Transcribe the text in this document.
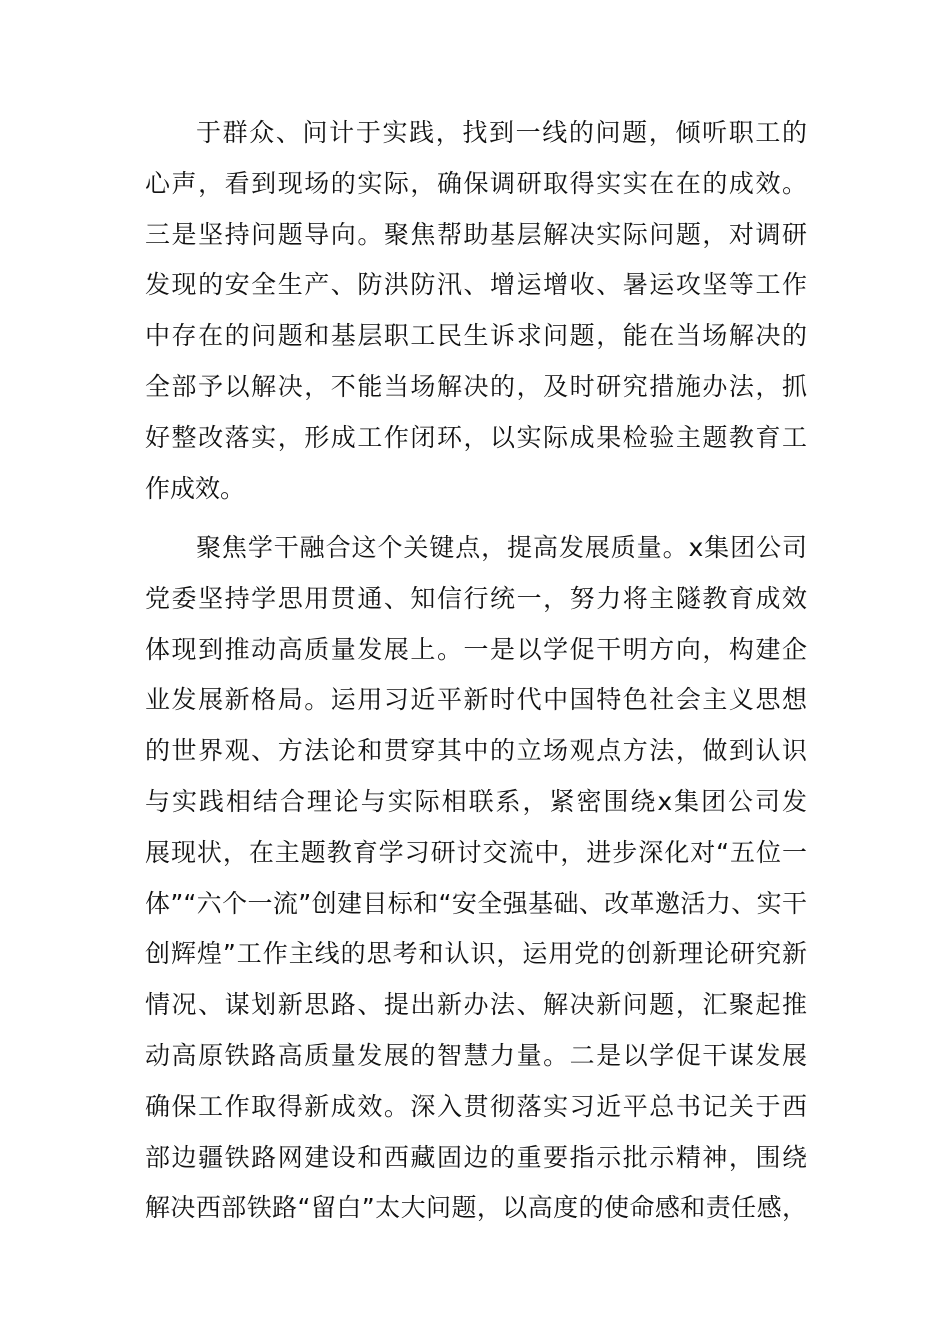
于群众、问计于实践，找到一线的问题，倾听职工的
心声，看到现场的实际，确保调研取得实实在在的成效。
三是坚持问题导向。聚焦帮助基层解决实际问题，对调研
发现的安全生产、防洪防汛、增运增收、暑运攻坚等工作
中存在的问题和基层职工民生诉求问题，能在当场解决的
全部予以解决，不能当场解决的，及时研究措施办法，抓
好整改落实，形成工作闭环，以实际成果检验主题教育工
作成效。
聚焦学干融合这个关键点，提高发展质量。x集团公司
党委坚持学思用贯通、知信行统一，努力将主隧教育成效
体现到推动高质量发展上。一是以学促干明方向，构建企
业发展新格局。运用习近平新时代中国特色社会主义思想
的世界观、方法论和贯穿其中的立场观点方法，做到认识
与实践相结合理论与实际相联系，紧密围绕x集团公司发
展现状，在主题教育学习研讨交流中，进步深化对“五位一
体”“六个一流”创建目标和“安全强基础、改革邀活力、实干
创辉煌”工作主线的思考和认识，运用党的创新理论研究新
情况、谋划新思路、提出新办法、解决新问题，汇聚起推
动高原铁路高质量发展的智慧力量。二是以学促干谋发展
确保工作取得新成效。深入贯彻落实习近平总书记关于西
部边疆铁路网建设和西藏固边的重要指示批示精神，围绕
解决西部铁路“留白”太大问题，以高度的使命感和责任感，
